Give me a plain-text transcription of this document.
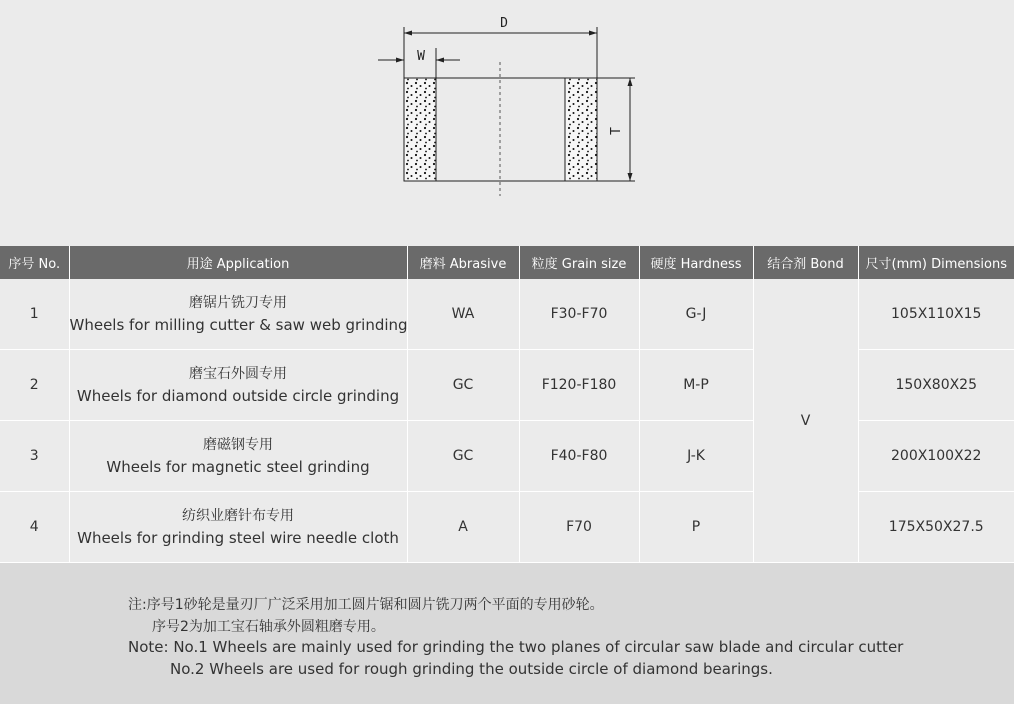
D
W
T
序号 No.	用途 Application	磨料 Abrasive	粒度 Grain size	硬度 Hardness	结合剂 Bond	尺寸(mm) Dimensions
1	磨锯片铣刀专用
Wheels for milling cutter & saw web grinding	WA	F30-F70	G-J	V	105X110X15
2	磨宝石外圆专用
Wheels for diamond outside circle grinding	GC	F120-F180	M-P		150X80X25
3	磨磁钢专用
Wheels for magnetic steel grinding	GC	F40-F80	J-K		200X100X22
4	纺织业磨针布专用
Wheels for grinding steel wire needle cloth	A	F70	P		175X50X27.5
注:序号1砂轮是量刃厂广泛采用加工圆片锯和圆片铣刀两个平面的专用砂轮。
序号2为加工宝石轴承外圆粗磨专用。
Note: No.1 Wheels are mainly used for grinding the two planes of circular saw blade and circular cutter
No.2 Wheels are used for rough grinding the outside circle of diamond bearings.
